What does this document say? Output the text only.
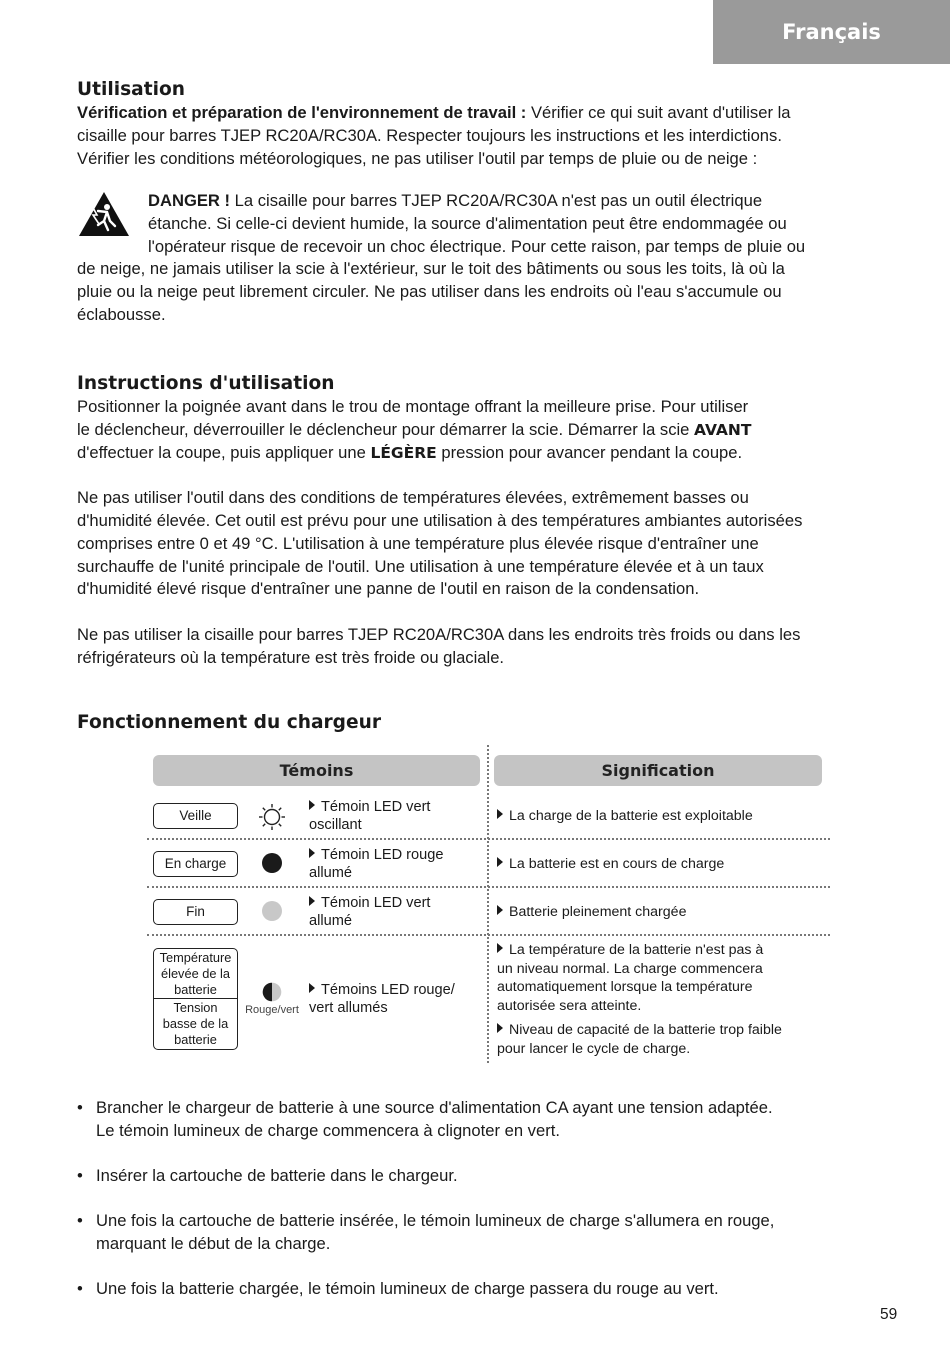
Français
Utilisation
Vérification et préparation de l'environnement de travail : Vérifier ce qui suit avant d'utiliser la
cisaille pour barres TJEP RC20A/RC30A. Respecter toujours les instructions et les interdictions.
Vérifier les conditions météorologiques, ne pas utiliser l'outil par temps de pluie ou de neige :
DANGER ! La cisaille pour barres TJEP RC20A/RC30A n'est pas un outil électrique
étanche. Si celle-ci devient humide, la source d'alimentation peut être endommagée ou
l'opérateur risque de recevoir un choc électrique. Pour cette raison, par temps de pluie ou
de neige, ne jamais utiliser la scie à l'extérieur, sur le toit des bâtiments ou sous les toits, là où la
pluie ou la neige peut librement circuler. Ne pas utiliser dans les endroits où l'eau s'accumule ou
éclabousse.
Instructions d'utilisation
Positionner la poignée avant dans le trou de montage offrant la meilleure prise. Pour utiliser
le déclencheur, déverrouiller le déclencheur pour démarrer la scie. Démarrer la scie AVANT
d'effectuer la coupe, puis appliquer une LÉGÈRE pression pour avancer pendant la coupe.
Ne pas utiliser l'outil dans des conditions de températures élevées, extrêmement basses ou
d'humidité élevée. Cet outil est prévu pour une utilisation à des températures ambiantes autorisées
comprises entre 0 et 49 °C. L'utilisation à une température plus élevée risque d'entraîner une
surchauffe de l'unité principale de l'outil. Une utilisation à une température élevée et à un taux
d'humidité élevé risque d'entraîner une panne de l'outil en raison de la condensation.
Ne pas utiliser la cisaille pour barres TJEP RC20A/RC30A dans les endroits très froids ou dans les
réfrigérateurs où la température est très froide ou glaciale.
Fonctionnement du chargeur
Témoins	Signification
Veille
Témoin LED vert
oscillant
La charge de la batterie est exploitable
En charge
Témoin LED rouge
allumé
La batterie est en cours de charge
Fin
Témoin LED vert
allumé
Batterie pleinement chargée
Température
élevée de la
batterie
Tension
basse de la
batterie
Rouge/vert
Témoins LED rouge/
vert allumés
La température de la batterie n'est pas à
un niveau normal. La charge commencera
automatiquement lorsque la température
autorisée sera atteinte.
Niveau de capacité de la batterie trop faible
pour lancer le cycle de charge.
• Brancher le chargeur de batterie à une source d'alimentation CA ayant une tension adaptée.
Le témoin lumineux de charge commencera à clignoter en vert.
• Insérer la cartouche de batterie dans le chargeur.
• Une fois la cartouche de batterie insérée, le témoin lumineux de charge s'allumera en rouge,
marquant le début de la charge.
• Une fois la batterie chargée, le témoin lumineux de charge passera du rouge au vert.
59
